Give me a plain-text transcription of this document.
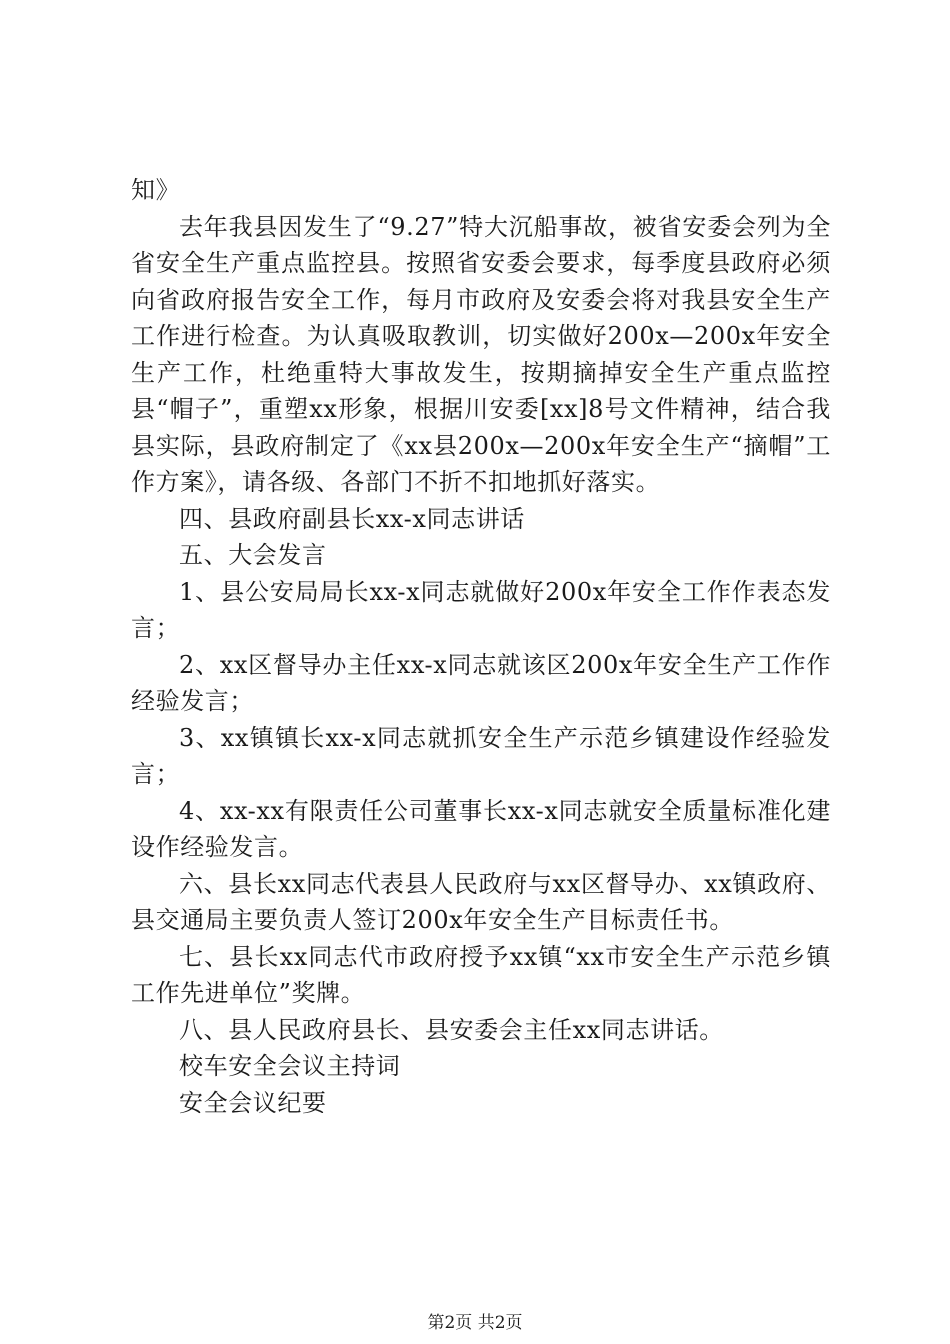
知》

去年我县因发生了“9.27”特大沉船事故，被省安委会列为全省安全生产重点监控县。按照省安委会要求，每季度县政府必须向省政府报告安全工作，每月市政府及安委会将对我县安全生产工作进行检查。为认真吸取教训，切实做好200x—200x年安全生产工作，杜绝重特大事故发生，按期摘掉安全生产重点监控县“帽子”，重塑xx形象，根据川安委[xx]8号文件精神，结合我县实际，县政府制定了《xx县200x—200x年安全生产“摘帽”工作方案》，请各级、各部门不折不扣地抓好落实。

四、县政府副县长xx-x同志讲话

五、大会发言

1、县公安局局长xx-x同志就做好200x年安全工作作表态发言；

2、xx区督导办主任xx-x同志就该区200x年安全生产工作作经验发言；

3、xx镇镇长xx-x同志就抓安全生产示范乡镇建设作经验发言；

4、xx-xx有限责任公司董事长xx-x同志就安全质量标准化建设作经验发言。

六、县长xx同志代表县人民政府与xx区督导办、xx镇政府、县交通局主要负责人签订200x年安全生产目标责任书。

七、县长xx同志代市政府授予xx镇“xx市安全生产示范乡镇工作先进单位”奖牌。

八、县人民政府县长、县安委会主任xx同志讲话。

校车安全会议主持词

安全会议纪要

第2页 共2页
